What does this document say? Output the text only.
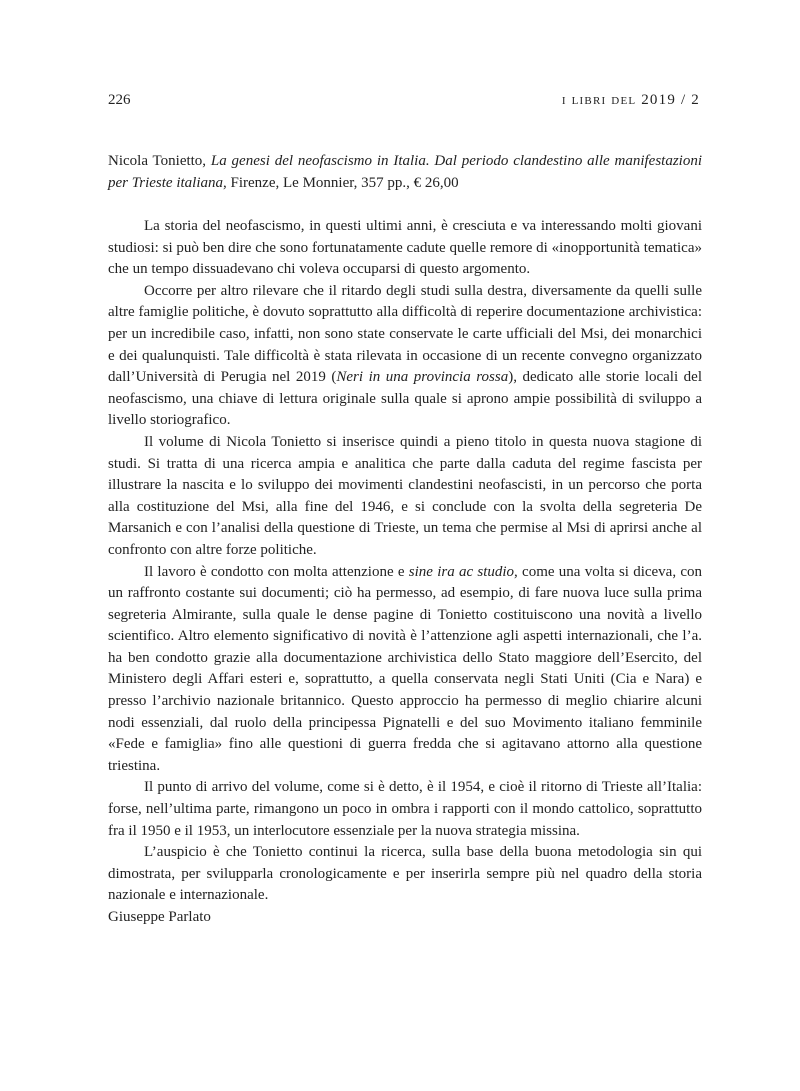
226	i libri del 2019 / 2
Nicola Tonietto, La genesi del neofascismo in Italia. Dal periodo clandestino alle manifestazioni per Trieste italiana, Firenze, Le Monnier, 357 pp., € 26,00

La storia del neofascismo, in questi ultimi anni, è cresciuta e va interessando molti giovani studiosi: si può ben dire che sono fortunatamente cadute quelle remore di «inopportunità tematica» che un tempo dissuadevano chi voleva occuparsi di questo argomento.

Occorre per altro rilevare che il ritardo degli studi sulla destra, diversamente da quelli sulle altre famiglie politiche, è dovuto soprattutto alla difficoltà di reperire documentazione archivistica: per un incredibile caso, infatti, non sono state conservate le carte ufficiali del Msi, dei monarchici e dei qualunquisti. Tale difficoltà è stata rilevata in occasione di un recente convegno organizzato dall’Università di Perugia nel 2019 (Neri in una provincia rossa), dedicato alle storie locali del neofascismo, una chiave di lettura originale sulla quale si aprono ampie possibilità di sviluppo a livello storiografico.

Il volume di Nicola Tonietto si inserisce quindi a pieno titolo in questa nuova stagione di studi. Si tratta di una ricerca ampia e analitica che parte dalla caduta del regime fascista per illustrare la nascita e lo sviluppo dei movimenti clandestini neofascisti, in un percorso che porta alla costituzione del Msi, alla fine del 1946, e si conclude con la svolta della segreteria De Marsanich e con l’analisi della questione di Trieste, un tema che permise al Msi di aprirsi anche al confronto con altre forze politiche.

Il lavoro è condotto con molta attenzione e sine ira ac studio, come una volta si diceva, con un raffronto costante sui documenti; ciò ha permesso, ad esempio, di fare nuova luce sulla prima segreteria Almirante, sulla quale le dense pagine di Tonietto costituiscono una novità a livello scientifico. Altro elemento significativo di novità è l’attenzione agli aspetti internazionali, che l’a. ha ben condotto grazie alla documentazione archivistica dello Stato maggiore dell’Esercito, del Ministero degli Affari esteri e, soprattutto, a quella conservata negli Stati Uniti (Cia e Nara) e presso l’archivio nazionale britannico. Questo approccio ha permesso di meglio chiarire alcuni nodi essenziali, dal ruolo della principessa Pignatelli e del suo Movimento italiano femminile «Fede e famiglia» fino alle questioni di guerra fredda che si agitavano attorno alla questione triestina.

Il punto di arrivo del volume, come si è detto, è il 1954, e cioè il ritorno di Trieste all’Italia: forse, nell’ultima parte, rimangono un poco in ombra i rapporti con il mondo cattolico, soprattutto fra il 1950 e il 1953, un interlocutore essenziale per la nuova strategia missina.

L’auspicio è che Tonietto continui la ricerca, sulla base della buona metodologia sin qui dimostrata, per svilupparla cronologicamente e per inserirla sempre più nel quadro della storia nazionale e internazionale.

Giuseppe Parlato
